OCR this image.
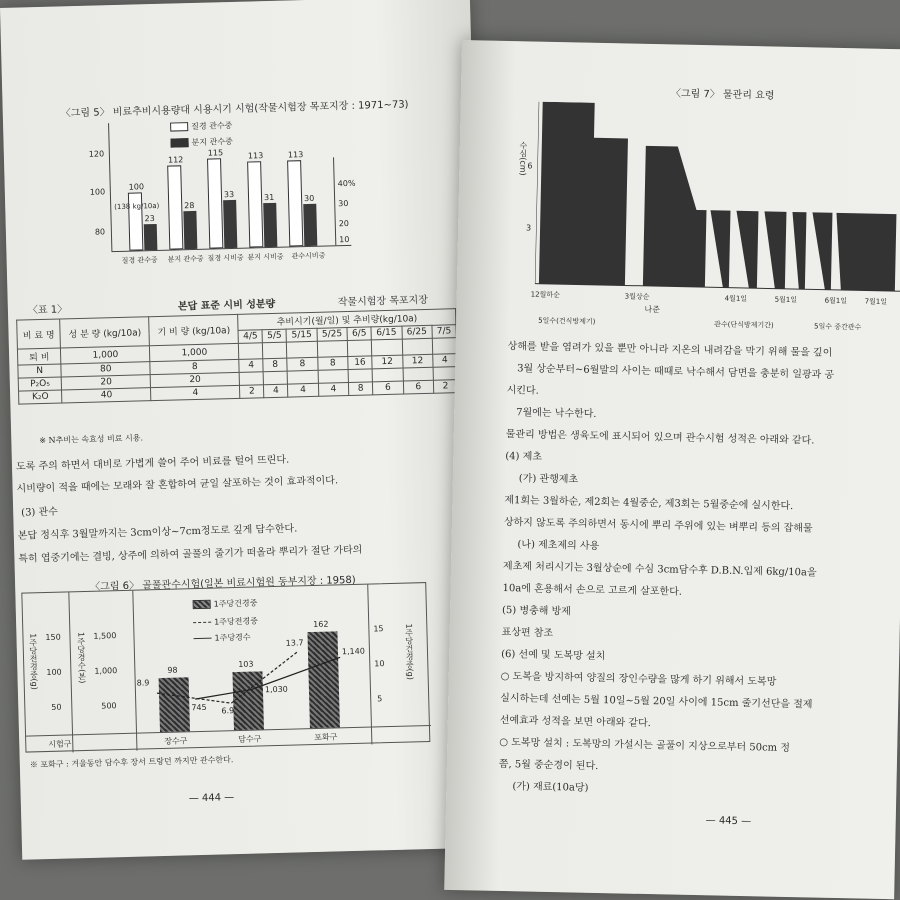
〈그림 5〉 비료추비시용량대 시용시기 시험(작물시험장 목포지장 : 1971~73)
질경 관수중
분지 관수중
120
100
80
40%
30
20
10
100
112
115	113	113
23
28
33	31	30
(138 kg/10a)
질경 관수중 분지 관수중 질경 시비중 분지 시비중 관수시비중
〈표 1〉	본답 표준 시비 성분량	작물시험장 목포지장
비 료 명	성 분 량 (kg/10a)	기 비 량 (kg/10a)	추비시기(월/일) 및 추비량(kg/10a)							
			4/5	5/5	5/15	5/25	6/5	6/15	6/25	7/5
퇴 비	1,000	1,000								
N	80	8	4	8	8	8	16	12	12	4
P₂O₅	20	20								
K₂O	40	4	2	4	4	4	8	6	6	2
※ N추비는 속효성 비료 시용.
도록 주의 하면서 대비로 가볍게 쓸어 주어 비료를 털어 뜨린다.
시비량이 적을 때에는 모래와 잘 혼합하여 균일 살포하는 것이 효과적이다.
(3) 관수
본답 정식후 3월말까지는 3cm이상~7cm정도로 깊게 담수한다.
특히 엽중기에는 결빙, 상주에 의하여 골풀의 줄기가 떠올라 뿌리가 절단 가타의
〈그림 6〉 골풀관수시험(일본 비료시험원 동부지장 : 1958)
1주당전경중(g) 150
100
50
1주당경수(본) 1,500
1,000
500
15
10
5
1주당건경중(g)
1주당건경중
1주당전경중
1주당경수
98
103
162
8.9
6.9
13.7
745
1,030
1,140
시험구	장수구	담수구	포화구
※ 포화구 : 겨울동안 담수후 장서 트랑던 까지만 관수한다.
— 444 —
〈그림 7〉 물관리 요령
수심(cm) 6
3
12월하순	3월상순	4월1일	5월1일	6월1일 7월1일
나준
5일수(건식방제기)	관수(단식방제기간)	5일수 중간관수
상해를 받을 염려가 있을 뿐만 아니라 지온의 내려감을 막기 위해 물을 깊이
3월 상순부터~6월말의 사이는 때때로 낙수해서 담면을 충분히 일광과 공
시킨다.
7월에는 낙수한다.
물관리 방법은 생육도에 표시되어 있으며 관수시험 성적은 아래와 같다.
(4) 제초
(가) 관행제초
제1회는 3월하순, 제2회는 4월중순, 제3회는 5월중순에 실시한다.
상하지 않도록 주의하면서 동시에 뿌리 주위에 있는 벼뿌리 등의 잡해물
(나) 제초제의 사용
제초제 처리시기는 3월상순에 수심 3cm담수후 D.B.N.입제 6kg/10a을
10a에 혼용해서 손으로 고르게 살포한다.
(5) 병충해 방제
표상편 참조
(6) 선예 및 도복망 설치
○ 도복을 방지하여 양질의 장인수량을 많게 하기 위해서 도복망
실시하는데 선예는 5월 10일~5월 20일 사이에 15cm 줄기선단을 절제
선예효과 성적을 보면 아래와 같다.
○ 도복망 설치 : 도복망의 가설시는 골풀이 지상으로부터 50cm 정
쯤, 5월 중순경이 된다.
(가) 재료(10a당)
— 445 —
